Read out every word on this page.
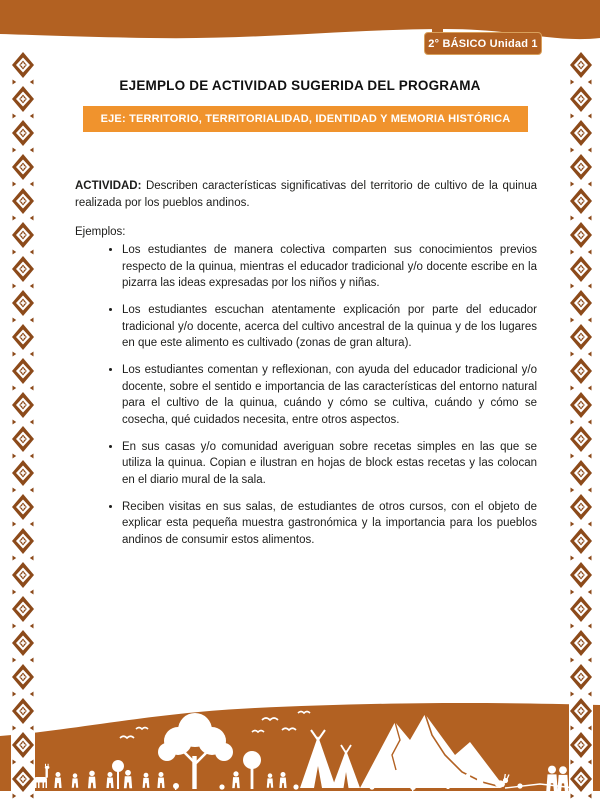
2° BÁSICO Unidad 1
EJEMPLO DE ACTIVIDAD SUGERIDA DEL PROGRAMA
EJE: TERRITORIO, TERRITORIALIDAD, IDENTIDAD Y MEMORIA HISTÓRICA
ACTIVIDAD: Describen características significativas del territorio de cultivo de la quinua realizada por los pueblos andinos.
Ejemplos:
• Los estudiantes de manera colectiva comparten sus conocimientos previos respecto de la quinua, mientras el educador tradicional y/o docente escribe en la pizarra las ideas expresadas por los niños y niñas.
• Los estudiantes escuchan atentamente explicación por parte del educador tradicional y/o docente, acerca del cultivo ancestral de la quinua y de los lugares en que este alimento es cultivado (zonas de gran altura).
• Los estudiantes comentan y reflexionan, con ayuda del educador tradicional y/o docente, sobre el sentido e importancia de las características del entorno natural para el cultivo de la quinua, cuándo y cómo se cultiva, cuándo y cómo se cosecha, qué cuidados necesita, entre otros aspectos.
• En sus casas y/o comunidad averiguan sobre recetas simples en las que se utiliza la quinua. Copian e ilustran en hojas de block estas recetas y las colocan en el diario mural de la sala.
• Reciben visitas en sus salas, de estudiantes de otros cursos, con el objeto de explicar esta pequeña muestra gastronómica y la importancia para los pueblos andinos de consumir estos alimentos.
